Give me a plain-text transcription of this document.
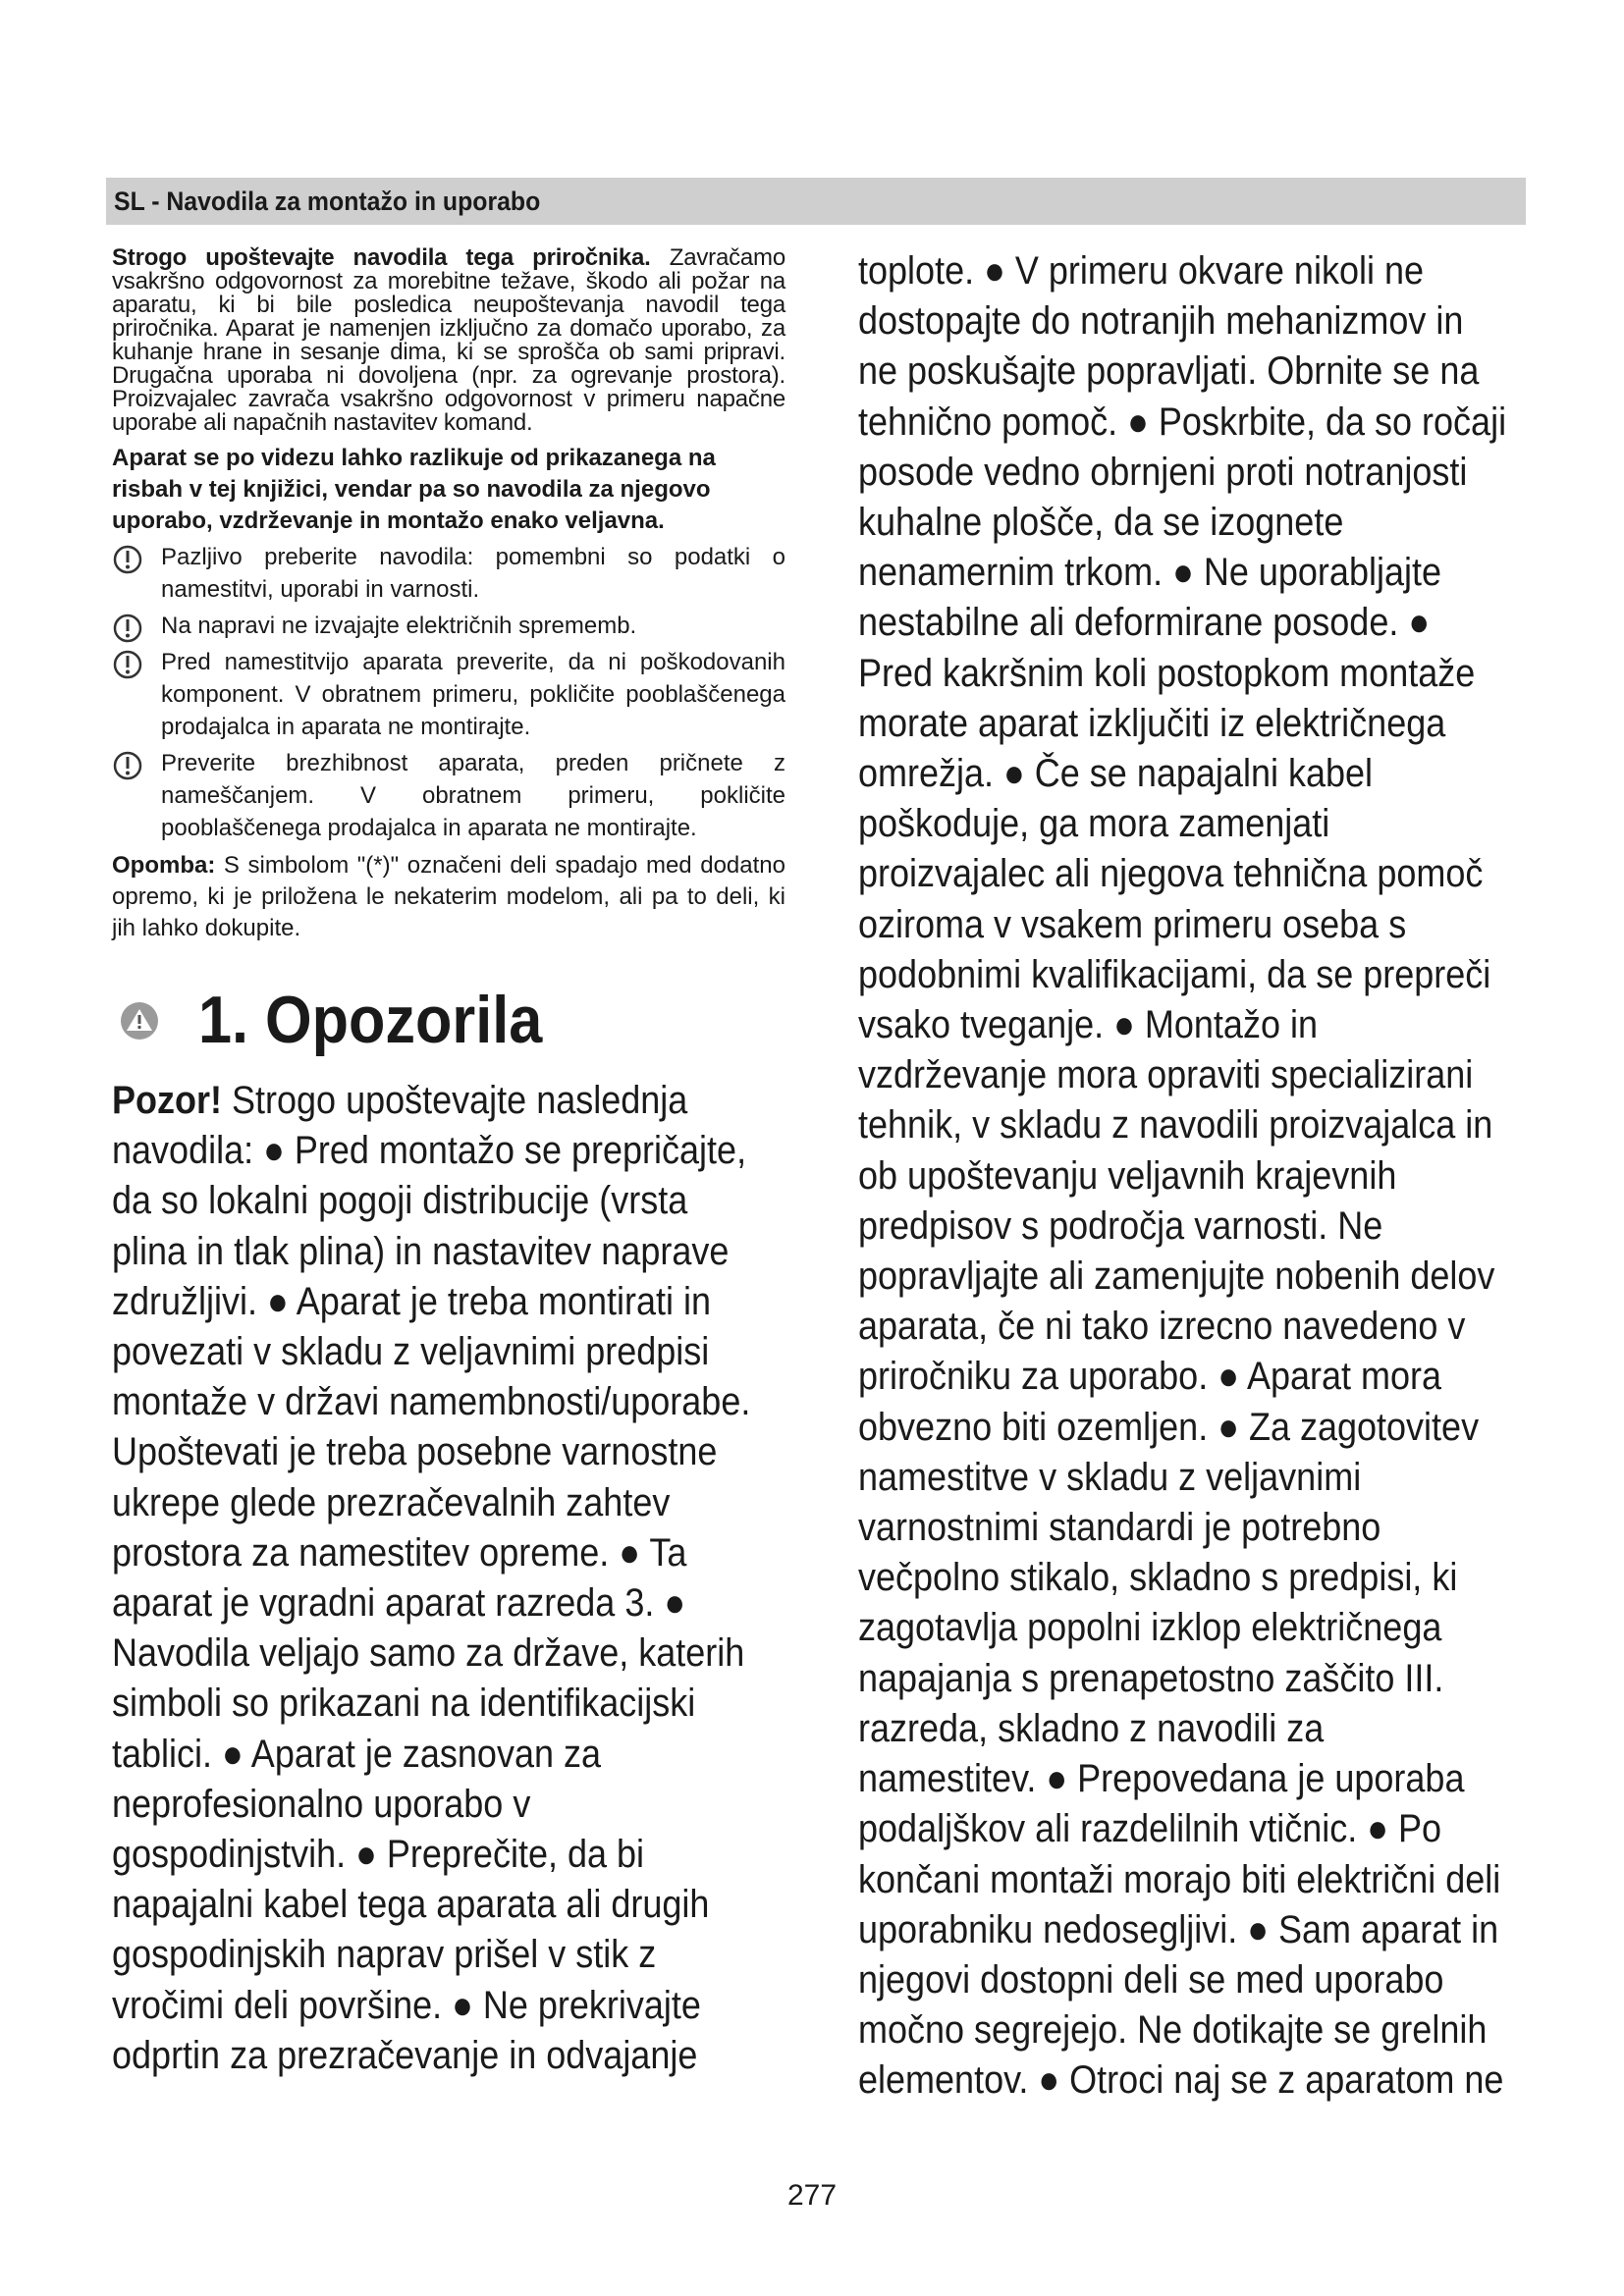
SL - Navodila za montažo in uporabo

Strogo upoštevajte navodila tega priročnika. Zavračamo vsakršno odgovornost za morebitne težave, škodo ali požar na aparatu, ki bi bile posledica neupoštevanja navodil tega priročnika. Aparat je namenjen izključno za domačo uporabo, za kuhanje hrane in sesanje dima, ki se sprošča ob sami pripravi. Drugačna uporaba ni dovoljena (npr. za ogrevanje prostora). Proizvajalec zavrača vsakršno odgovornost v primeru napačne uporabe ali napačnih nastavitev komand.

Aparat se po videzu lahko razlikuje od prikazanega na risbah v tej knjižici, vendar pa so navodila za njegovo uporabo, vzdrževanje in montažo enako veljavna.

Pazljivo preberite navodila: pomembni so podatki o namestitvi, uporabi in varnosti.
Na napravi ne izvajajte električnih sprememb.
Pred namestitvijo aparata preverite, da ni poškodovanih komponent. V obratnem primeru, pokličite pooblaščenega prodajalca in aparata ne montirajte.
Preverite brezhibnost aparata, preden pričnete z nameščanjem. V obratnem primeru, pokličite pooblaščenega prodajalca in aparata ne montirajte.

Opomba: S simbolom "(*)" označeni deli spadajo med dodatno opremo, ki je priložena le nekaterim modelom, ali pa to deli, ki jih lahko dokupite.

1. Opozorila
Pozor! Strogo upoštevajte naslednja
navodila: ● Pred montažo se prepričajte,
da so lokalni pogoji distribucije (vrsta
plina in tlak plina) in nastavitev naprave
združljivi. ● Aparat je treba montirati in
povezati v skladu z veljavnimi predpisi
montaže v državi namembnosti/uporabe.
Upoštevati je treba posebne varnostne
ukrepe glede prezračevalnih zahtev
prostora za namestitev opreme. ● Ta
aparat je vgradni aparat razreda 3. ●
Navodila veljajo samo za države, katerih
simboli so prikazani na identifikacijski
tablici. ● Aparat je zasnovan za
neprofesionalno uporabo v
gospodinjstvih. ● Preprečite, da bi
napajalni kabel tega aparata ali drugih
gospodinjskih naprav prišel v stik z
vročimi deli površine. ● Ne prekrivajte
odprtin za prezračevanje in odvajanje
toplote. ● V primeru okvare nikoli ne
dostopajte do notranjih mehanizmov in
ne poskušajte popravljati. Obrnite se na
tehnično pomoč. ● Poskrbite, da so ročaji
posode vedno obrnjeni proti notranjosti
kuhalne plošče, da se izognete
nenamernim trkom. ● Ne uporabljajte
nestabilne ali deformirane posode. ●
Pred kakršnim koli postopkom montaže
morate aparat izključiti iz električnega
omrežja. ● Če se napajalni kabel
poškoduje, ga mora zamenjati
proizvajalec ali njegova tehnična pomoč
oziroma v vsakem primeru oseba s
podobnimi kvalifikacijami, da se prepreči
vsako tveganje. ● Montažo in
vzdrževanje mora opraviti specializirani
tehnik, v skladu z navodili proizvajalca in
ob upoštevanju veljavnih krajevnih
predpisov s področja varnosti. Ne
popravljajte ali zamenjujte nobenih delov
aparata, če ni tako izrecno navedeno v
priročniku za uporabo. ● Aparat mora
obvezno biti ozemljen. ● Za zagotovitev
namestitve v skladu z veljavnimi
varnostnimi standardi je potrebno
večpolno stikalo, skladno s predpisi, ki
zagotavlja popolni izklop električnega
napajanja s prenapetostno zaščito III.
razreda, skladno z navodili za
namestitev. ● Prepovedana je uporaba
podaljškov ali razdelilnih vtičnic. ● Po
končani montaži morajo biti električni deli
uporabniku nedosegljivi. ● Sam aparat in
njegovi dostopni deli se med uporabo
močno segrejejo. Ne dotikajte se grelnih
elementov. ● Otroci naj se z aparatom ne
277
